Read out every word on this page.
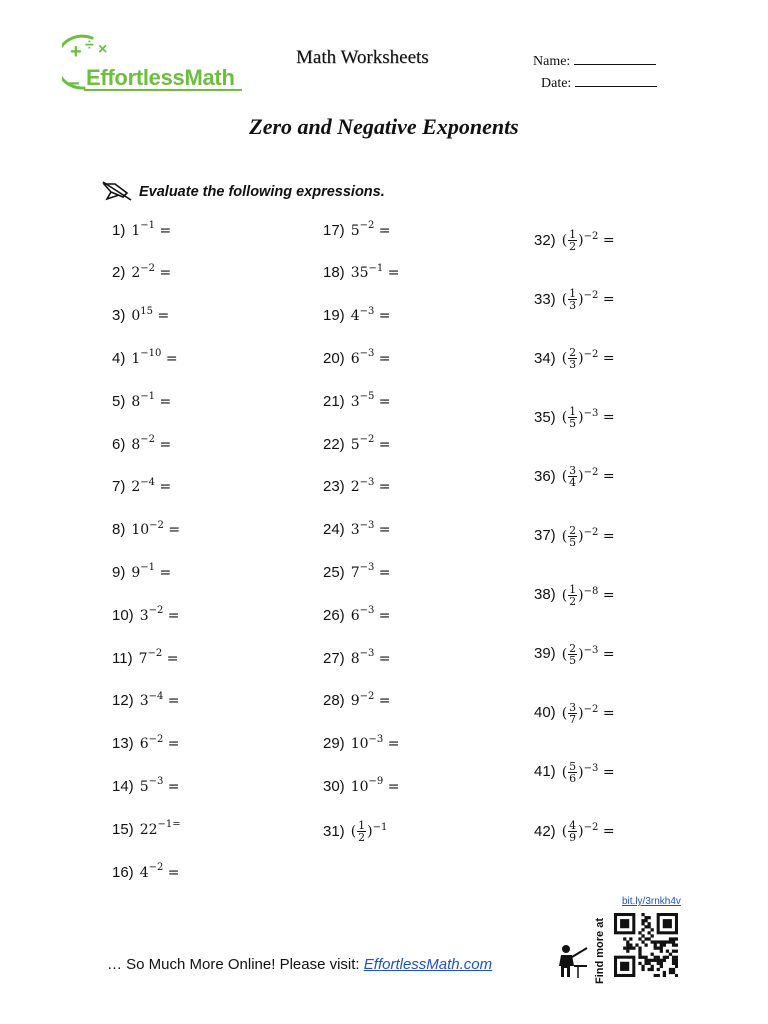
+ ÷ ×
− EffortlessMath
Math Worksheets	Name:
Date:
Zero and Negative Exponents
Evaluate the following expressions.
1) $1^{-1}$ =
2) $2^{-2}$ =
3) $0^{15}$ =
4) $1^{-10}$ =
5) $8^{-1}$ =
6) $8^{-2}$ =
7) $2^{-4}$ =
8) $10^{-2}$ =
9) $9^{-1}$ =
10) $3^{-2}$ =
11) $7^{-2}$ =
12) $3^{-4}$ =
13) $6^{-2}$ =
14) $5^{-3}$ =
15) $22^{-1=}$
16) $4^{-2}$ =
17) $5^{-2}$ =
18) $35^{-1}$ =
19) $4^{-3}$ =
20) $6^{-3}$ =
21) $3^{-5}$ =
22) $5^{-2}$ =
23) $2^{-3}$ =
24) $3^{-3}$ =
25) $7^{-3}$ =
26) $6^{-3}$ =
27) $8^{-3}$ =
28) $9^{-2}$ =
29) $10^{-3}$ =
30) $10^{-9}$ =
31) ( $\frac{1}{2} )^{-1}$
32) ( $\frac{1}{2} )^{-2}$ =
33) ( $\frac{1}{3} )^{-2}$ =
34) ( $\frac{2}{3} )^{-2}$ =
35) ( $\frac{1}{5} )^{-3}$ =
36) ( $\frac{3}{4} )^{-2}$ =
37) ( $\frac{2}{5} )^{-2}$ =
38) ( $\frac{1}{2} )^{-8}$ =
39) ( $\frac{2}{5} )^{-3}$ =
40) ( $\frac{3}{7} )^{-2}$ =
41) ( $\frac{5}{6} )^{-3}$ =
42) ( $\frac{4}{9} )^{-2}$ =
… So Much More Online! Please visit: EffortlessMath.com	Find more at
bit.ly/3rnkh4v
